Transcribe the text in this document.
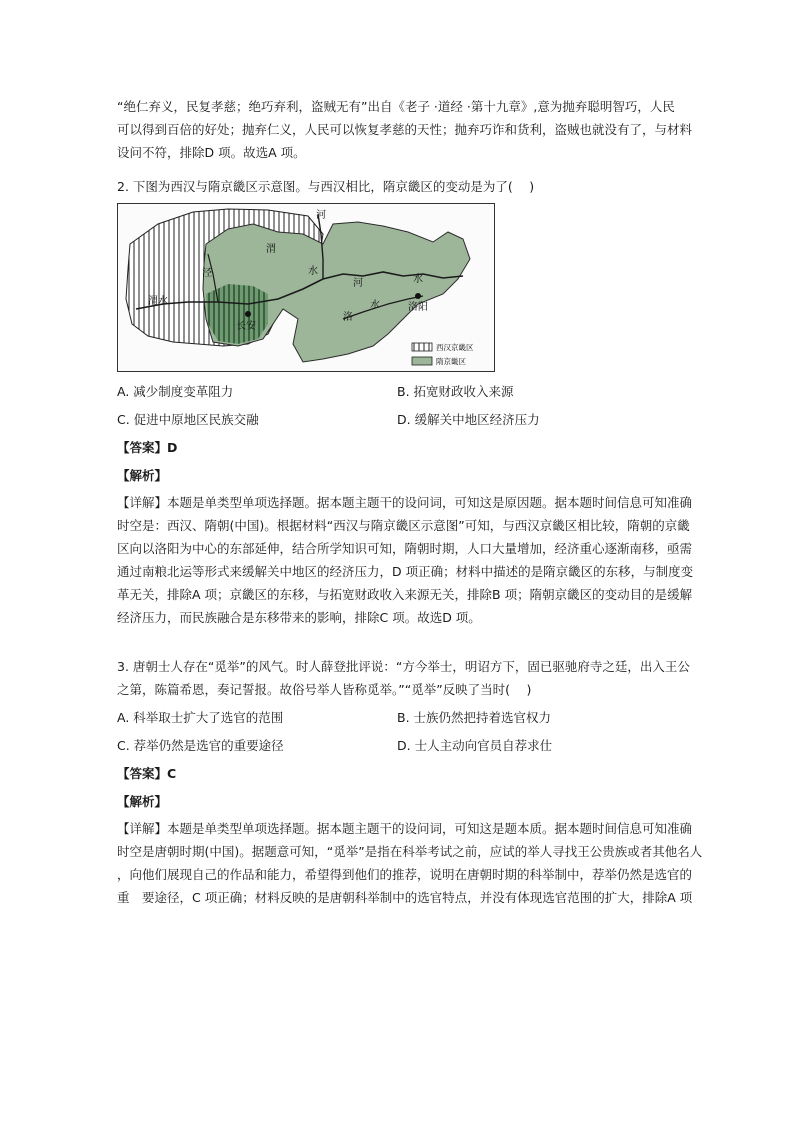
“绝仁弃义，民复孝慈；绝巧弃利，盗贼无有”出自《老子 ·道经 ·第十九章》,意为抛弃聪明智巧，人民
可以得到百倍的好处；抛弃仁义，人民可以恢复孝慈的天性；抛弃巧诈和货利，盗贼也就没有了，与材料
设问不符，排除D 项。故选A 项。

2. 下图为西汉与隋京畿区示意图。与西汉相比，隋京畿区的变动是为了(　 )

河
泾
渭
渭水
水
河	水
水
洛
洛阳
长安
西汉京畿区
隋京畿区
A. 减少制度变革阻力	B. 拓宽财政收入来源
C. 促进中原地区民族交融	D. 缓解关中地区经济压力
【答案】D
【解析】

【详解】本题是单类型单项选择题。据本题主题干的设问词，可知这是原因题。据本题时间信息可知准确
时空是：西汉、隋朝(中国)。根据材料“西汉与隋京畿区示意图”可知，与西汉京畿区相比较，隋朝的京畿
区向以洛阳为中心的东部延伸，结合所学知识可知，隋朝时期，人口大量增加，经济重心逐渐南移，亟需
通过南粮北运等形式来缓解关中地区的经济压力，D 项正确；材料中描述的是隋京畿区的东移，与制度变
革无关，排除A 项；京畿区的东移，与拓宽财政收入来源无关，排除B 项；隋朝京畿区的变动目的是缓解
经济压力，而民族融合是东移带来的影响，排除C 项。故选D 项。

3. 唐朝士人存在“觅举”的风气。时人薛登批评说：“方今举士，明诏方下，固已驱驰府寺之廷，出入王公
之第，陈篇希恩，奏记誓报。故俗号举人皆称觅举。”“觅举”反映了当时(　 )

A. 科举取士扩大了选官的范围	B. 士族仍然把持着选官权力
C. 荐举仍然是选官的重要途径	D. 士人主动向官员自荐求仕
【答案】C
【解析】

【详解】本题是单类型单项选择题。据本题主题干的设问词，可知这是题本质。据本题时间信息可知准确
时空是唐朝时期(中国)。据题意可知，“觅举”是指在科举考试之前，应试的举人寻找王公贵族或者其他名人
，向他们展现自己的作品和能力，希望得到他们的推荐，说明在唐朝时期的科举制中，荐举仍然是选官的
重　要途径，C 项正确；材料反映的是唐朝科举制中的选官特点，并没有体现选官范围的扩大，排除A 项
